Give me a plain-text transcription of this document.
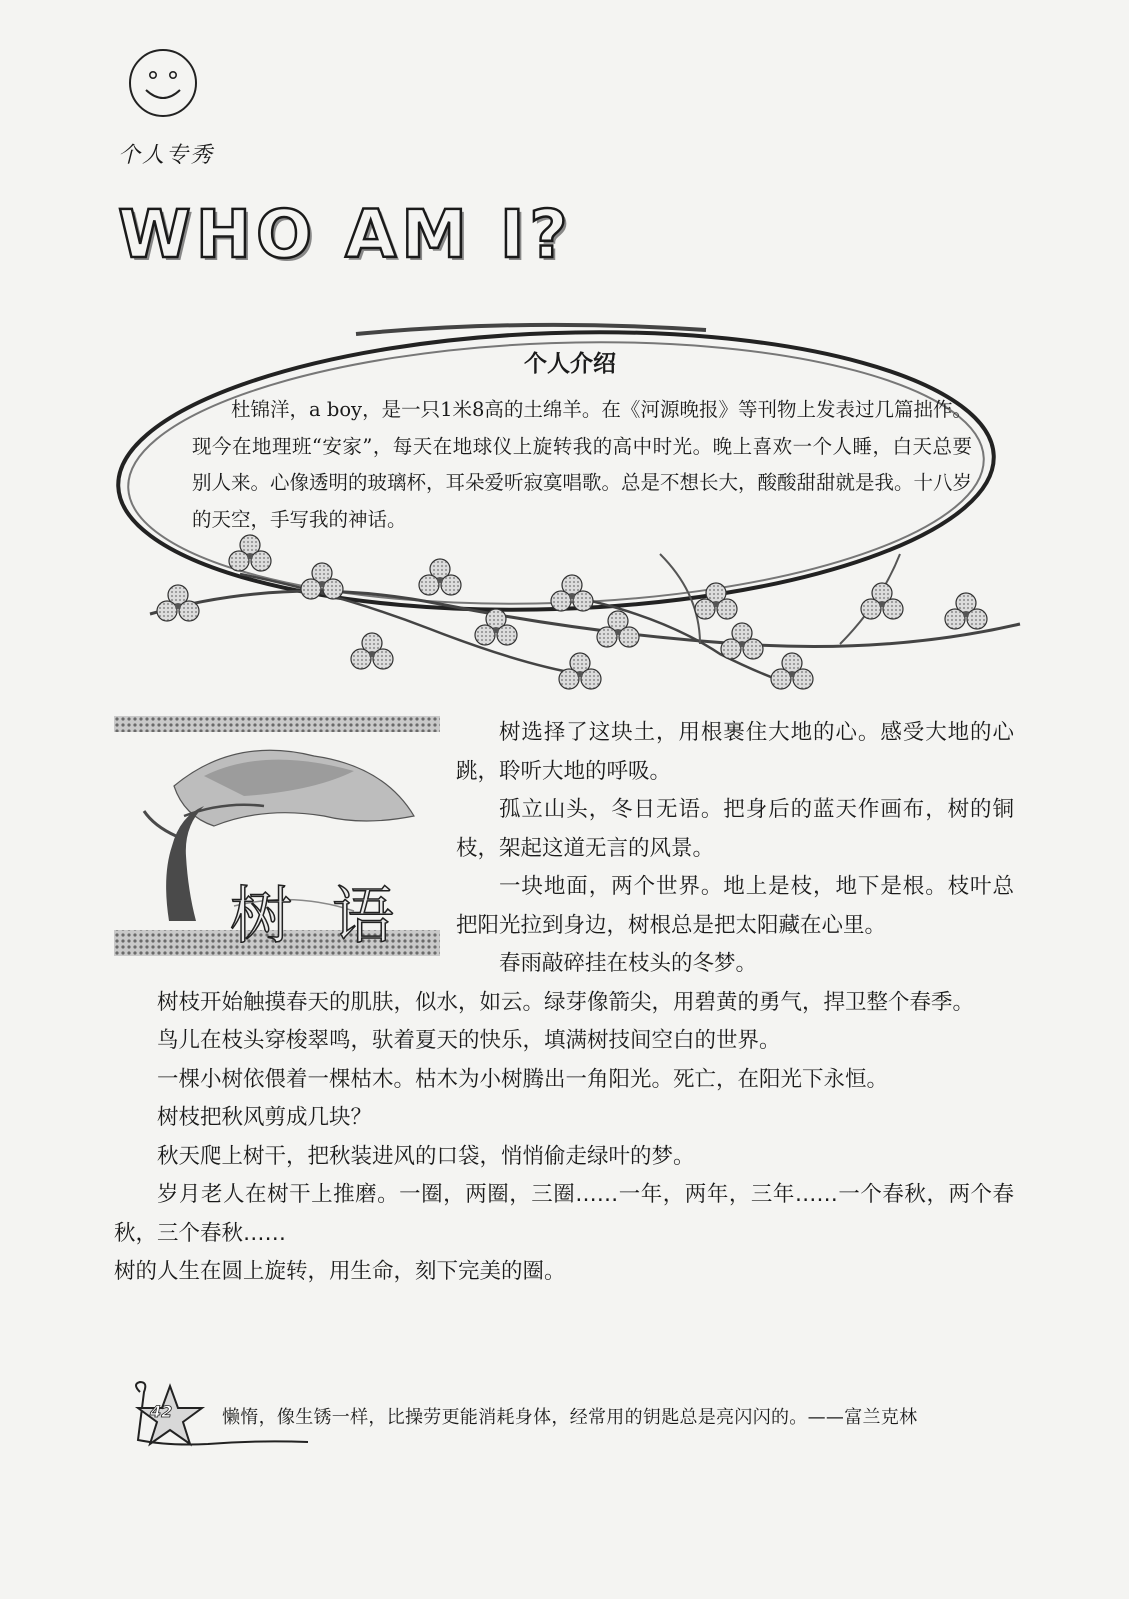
个人专秀
WHO AM I?
个人介绍
杜锦洋，a boy，是一只1米8高的土绵羊。在《河源晚报》等刊物上发表过几篇拙作。现今在地理班“安家”，每天在地球仪上旋转我的高中时光。晚上喜欢一个人睡，白天总要别人来。心像透明的玻璃杯，耳朵爱听寂寞唱歌。总是不想长大，酸酸甜甜就是我。十八岁的天空，手写我的神话。
树语

树选择了这块土，用根裹住大地的心。感受大地的心跳，聆听大地的呼吸。

孤立山头，冬日无语。把身后的蓝天作画布，树的铜枝，架起这道无言的风景。

一块地面，两个世界。地上是枝，地下是根。枝叶总把阳光拉到身边，树根总是把太阳藏在心里。

春雨敲碎挂在枝头的冬梦。

树枝开始触摸春天的肌肤，似水，如云。绿芽像箭尖，用碧黄的勇气，捍卫整个春季。

鸟儿在枝头穿梭翠鸣，驮着夏天的快乐，填满树技间空白的世界。

一棵小树依偎着一棵枯木。枯木为小树腾出一角阳光。死亡，在阳光下永恒。

树枝把秋风剪成几块？

秋天爬上树干，把秋装进风的口袋，悄悄偷走绿叶的梦。

岁月老人在树干上推磨。一圈，两圈，三圈……一年，两年，三年……一个春秋，两个春秋，三个春秋……

树的人生在圆上旋转，用生命，刻下完美的圈。

42	懒惰，像生锈一样，比操劳更能消耗身体，经常用的钥匙总是亮闪闪的。——富兰克林
